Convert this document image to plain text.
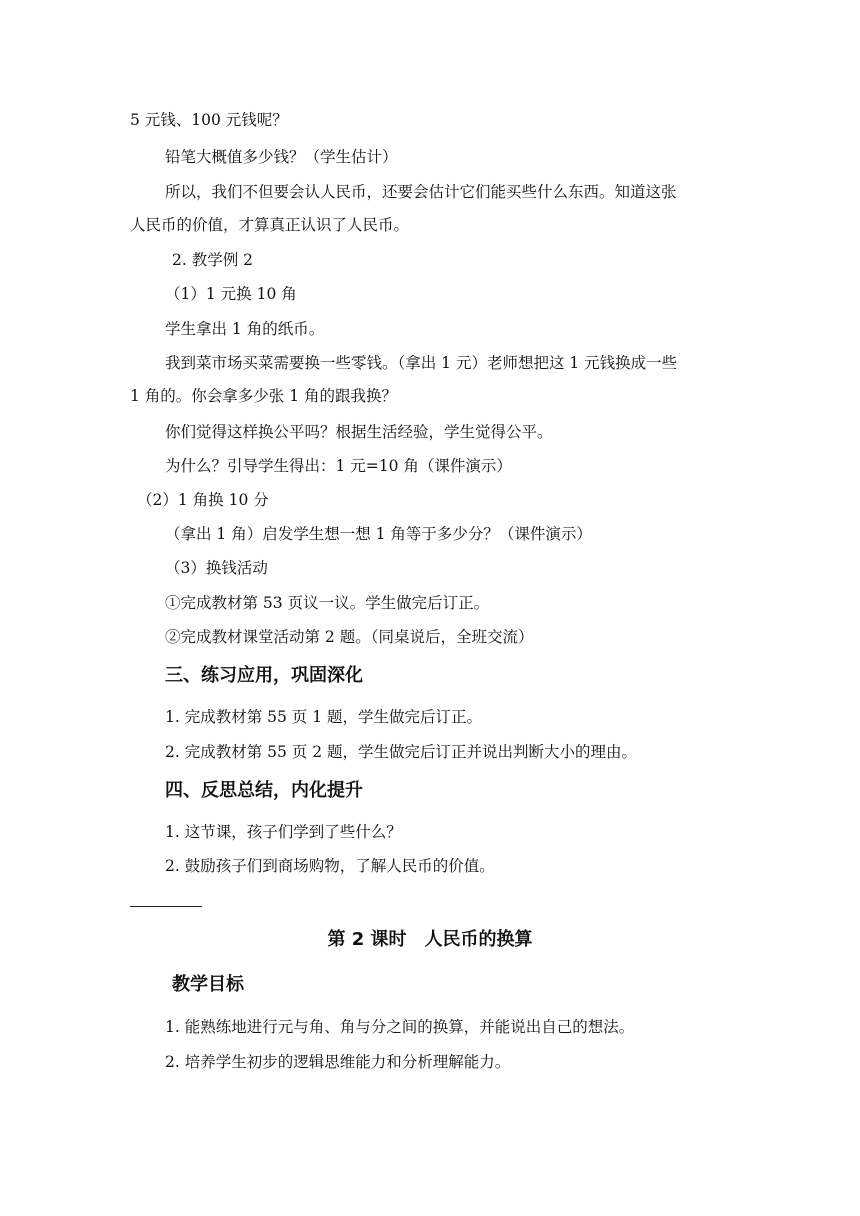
5 元钱、100 元钱呢？
铅笔大概值多少钱？（学生估计）
所以，我们不但要会认人民币，还要会估计它们能买些什么东西。知道这张
人民币的价值，才算真正认识了人民币。
2. 教学例 2
（1）1 元换 10 角
学生拿出 1 角的纸币。
我到菜市场买菜需要换一些零钱。（拿出 1 元）老师想把这 1 元钱换成一些
1 角的。你会拿多少张 1 角的跟我换？
你们觉得这样换公平吗？根据生活经验，学生觉得公平。
为什么？引导学生得出：1 元=10 角（课件演示）
（2）1 角换 10 分
（拿出 1 角）启发学生想一想 1 角等于多少分？（课件演示）
（3）换钱活动
①完成教材第 53 页议一议。学生做完后订正。
②完成教材课堂活动第 2 题。（同桌说后，全班交流）
三、练习应用，巩固深化
1. 完成教材第 55 页 1 题，学生做完后订正。
2. 完成教材第 55 页 2 题，学生做完后订正并说出判断大小的理由。
四、反思总结，内化提升
1. 这节课，孩子们学到了些什么？
2. 鼓励孩子们到商场购物，了解人民币的价值。
第 2 课时　人民币的换算
教学目标
1. 能熟练地进行元与角、角与分之间的换算，并能说出自己的想法。
2. 培养学生初步的逻辑思维能力和分析理解能力。
